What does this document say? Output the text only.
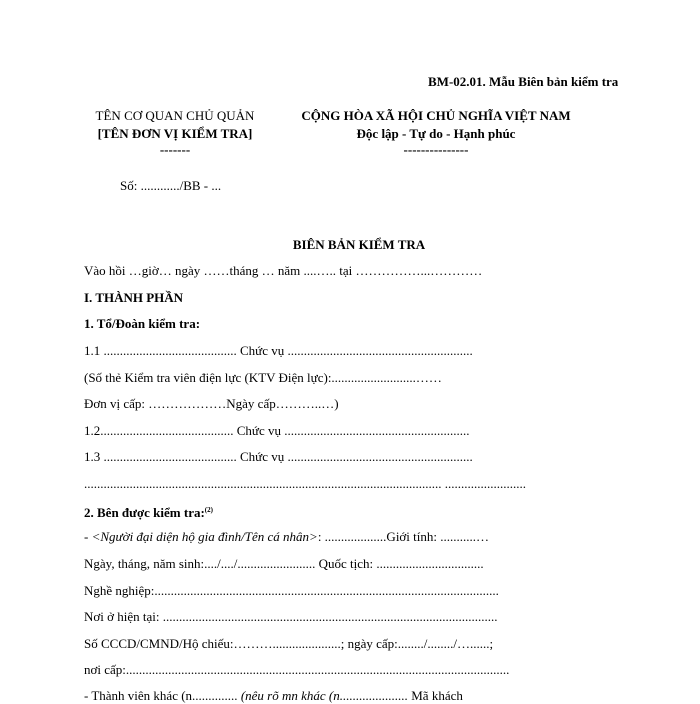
BM-02.01. Mẫu Biên bản kiểm tra
TÊN CƠ QUAN CHỦ QUẢN
[TÊN ĐƠN VỊ KIỂM TRA]
-------
CỘNG HÒA XÃ HỘI CHỦ NGHĨA VIỆT NAM
Độc lập - Tự do - Hạnh phúc
---------------
Số: ............/BB - ...
BIÊN BẢN KIỂM TRA
Vào hồi …giờ… ngày ……tháng … năm ....….. tại ……………...…………
I. THÀNH PHẦN
1. Tổ/Đoàn kiểm tra:
1.1 ......................................... Chức vụ .........................................................
(Số thẻ Kiểm tra viên điện lực (KTV Điện lực):..........................……
Đơn vị cấp: ………………Ngày cấp………..…)
1.2......................................... Chức vụ .........................................................
1.3 ......................................... Chức vụ .........................................................
.............................................................................................................. .........................
2. Bên được kiểm tra:$^{(2)}$
- <Người đại diện hộ gia đình/Tên cá nhân>: ...................Giới tính: ...........…
Ngày, tháng, năm sinh:..../..../........................ Quốc tịch: .................................
Nghề nghiệp:..........................................................................................................
Nơi ở hiện tại: .......................................................................................................
Số CCCD/CMND/Hộ chiếu:……….....................; ngày cấp:......../......../…......;
nơi cấp:......................................................................................................................
- Thành viên khác (n.............. (nêu rõ mn khác (n..................... Mã khách
